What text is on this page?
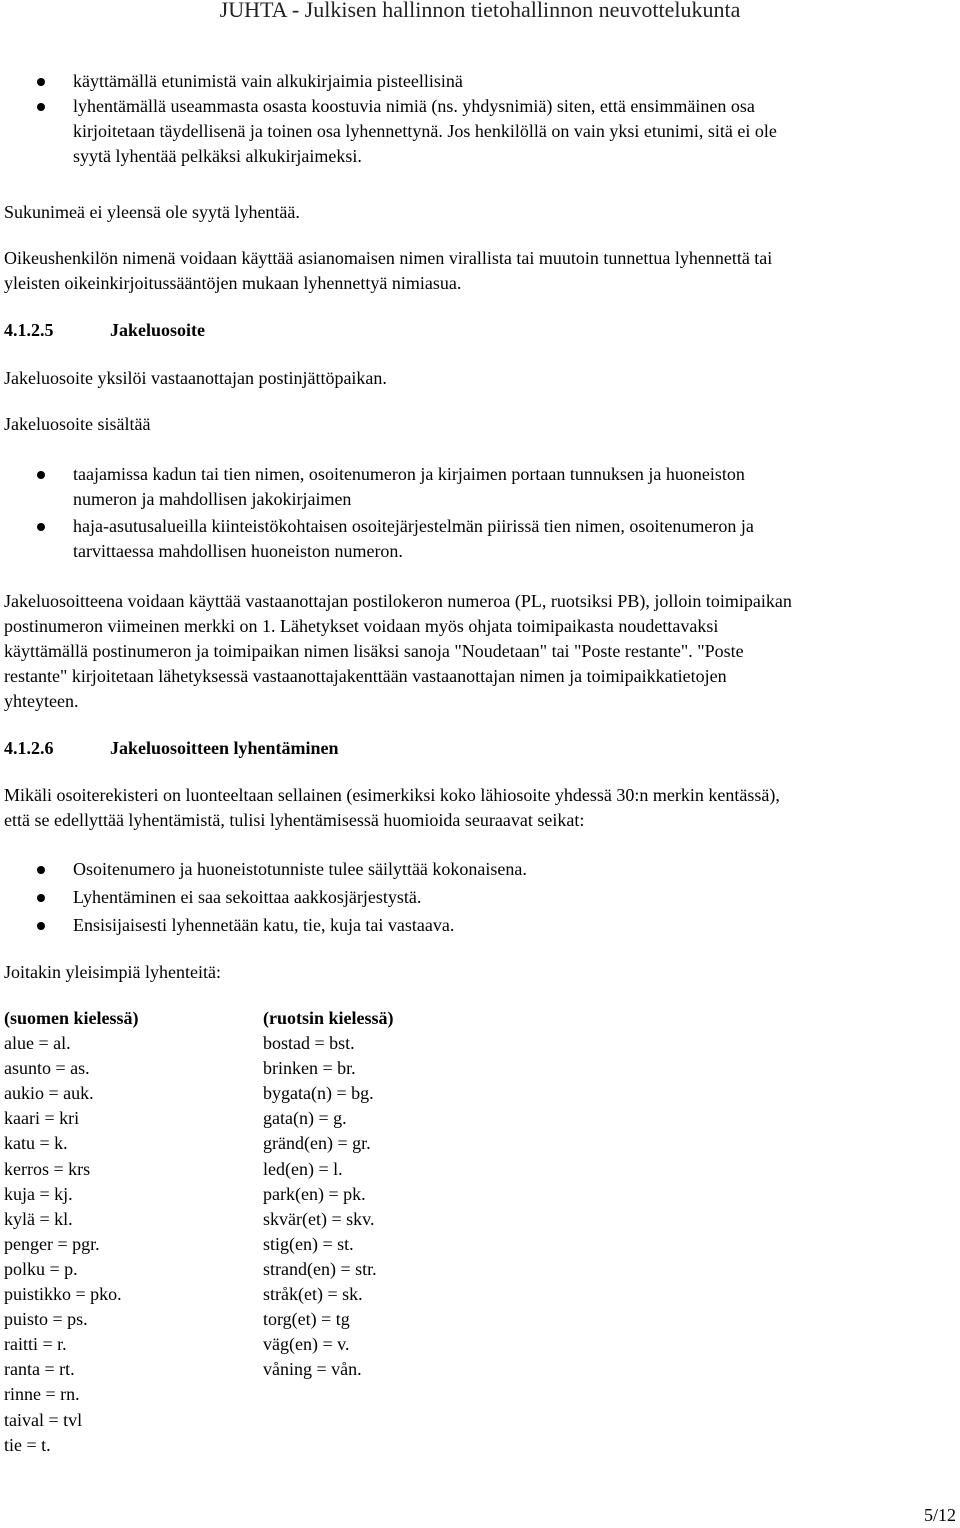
JUHTA - Julkisen hallinnon tietohallinnon neuvottelukunta
käyttämällä etunimistä vain alkukirjaimia pisteellisinä
lyhentämällä useammasta osasta koostuvia nimiä (ns. yhdysnimiä) siten, että ensimmäinen osa
kirjoitetaan täydellisenä ja toinen osa lyhennettynä. Jos henkilöllä on vain yksi etunimi, sitä ei ole
syytä lyhentää pelkäksi alkukirjaimeksi.
Sukunimeä ei yleensä ole syytä lyhentää.
Oikeushenkilön nimenä voidaan käyttää asianomaisen nimen virallista tai muutoin tunnettua lyhennettä tai
yleisten oikeinkirjoitussääntöjen mukaan lyhennettyä nimiasua.
4.1.2.5	Jakeluosoite
Jakeluosoite yksilöi vastaanottajan postinjättöpaikan.
Jakeluosoite sisältää
taajamissa kadun tai tien nimen, osoitenumeron ja kirjaimen portaan tunnuksen ja huoneiston
numeron ja mahdollisen jakokirjaimen
haja-asutusalueilla kiinteistökohtaisen osoitejärjestelmän piirissä tien nimen, osoitenumeron ja
tarvittaessa mahdollisen huoneiston numeron.
Jakeluosoitteena voidaan käyttää vastaanottajan postilokeron numeroa (PL, ruotsiksi PB), jolloin toimipaikan
postinumeron viimeinen merkki on 1. Lähetykset voidaan myös ohjata toimipaikasta noudettavaksi
käyttämällä postinumeron ja toimipaikan nimen lisäksi sanoja "Noudetaan" tai "Poste restante". "Poste
restante" kirjoitetaan lähetyksessä vastaanottajakenttään vastaanottajan nimen ja toimipaikkatietojen
yhteyteen.
4.1.2.6	Jakeluosoitteen lyhentäminen
Mikäli osoiterekisteri on luonteeltaan sellainen (esimerkiksi koko lähiosoite yhdessä 30:n merkin kentässä),
että se edellyttää lyhentämistä, tulisi lyhentämisessä huomioida seuraavat seikat:
Osoitenumero ja huoneistotunniste tulee säilyttää kokonaisena.
Lyhentäminen ei saa sekoittaa aakkosjärjestystä.
Ensisijaisesti lyhennetään katu, tie, kuja tai vastaava.
Joitakin yleisimpiä lyhenteitä:
(suomen kielessä)
alue = al.
asunto = as.
aukio = auk.
kaari = kri
katu = k.
kerros = krs
kuja = kj.
kylä = kl.
penger = pgr.
polku = p.
puistikko = pko.
puisto = ps.
raitti = r.
ranta = rt.
rinne = rn.
taival = tvl
tie = t.
(ruotsin kielessä)
bostad = bst.
brinken = br.
bygata(n) = bg.
gata(n) = g.
gränd(en) = gr.
led(en) = l.
park(en) = pk.
skvär(et) = skv.
stig(en) = st.
strand(en) = str.
stråk(et) = sk.
torg(et) = tg
väg(en) = v.
våning = vån.
5/12
